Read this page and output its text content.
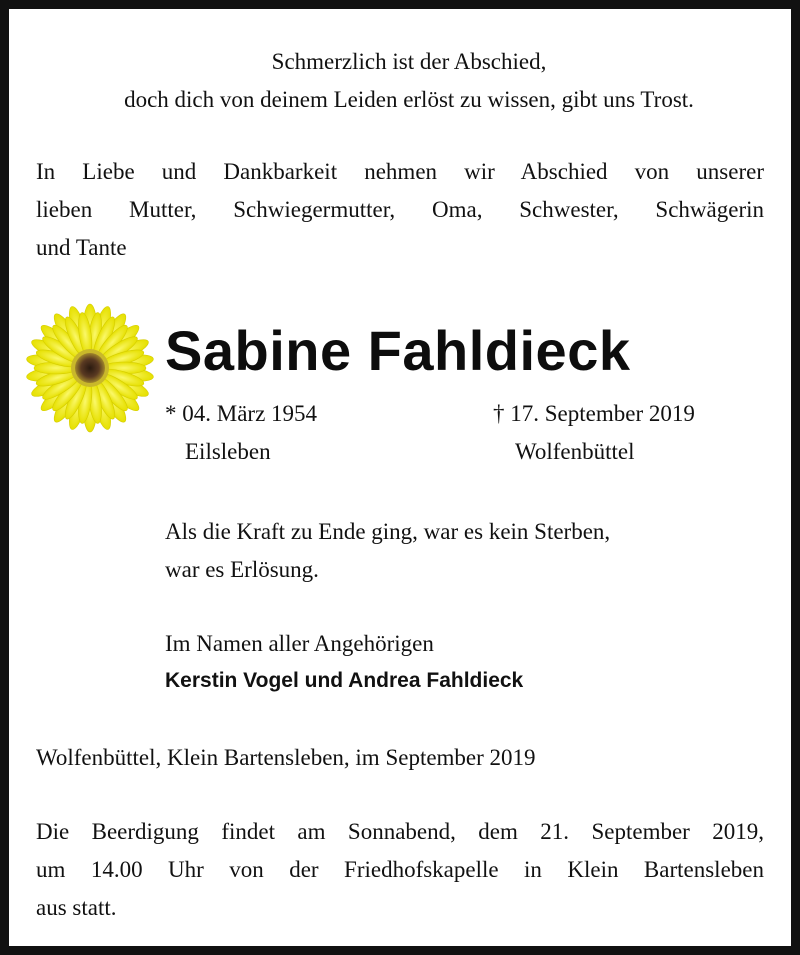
Schmerzlich ist der Abschied,

doch dich von deinem Leiden erlöst zu wissen, gibt uns Trost.

In Liebe und Dankbarkeit nehmen wir Abschied von unserer

lieben Mutter, Schwiegermutter, Oma, Schwester, Schwägerin

und Tante

Sabine Fahldieck
* 04. März 1954
Eilsleben
† 17. September 2019
Wolfenbüttel

Als die Kraft zu Ende ging, war es kein Sterben,

war es Erlösung.

Im Namen aller Angehörigen

Kerstin Vogel und Andrea Fahldieck

Wolfenbüttel, Klein Bartensleben, im September 2019

Die Beerdigung findet am Sonnabend, dem 21. September 2019,

um 14.00 Uhr von der Friedhofskapelle in Klein Bartensleben

aus statt.
